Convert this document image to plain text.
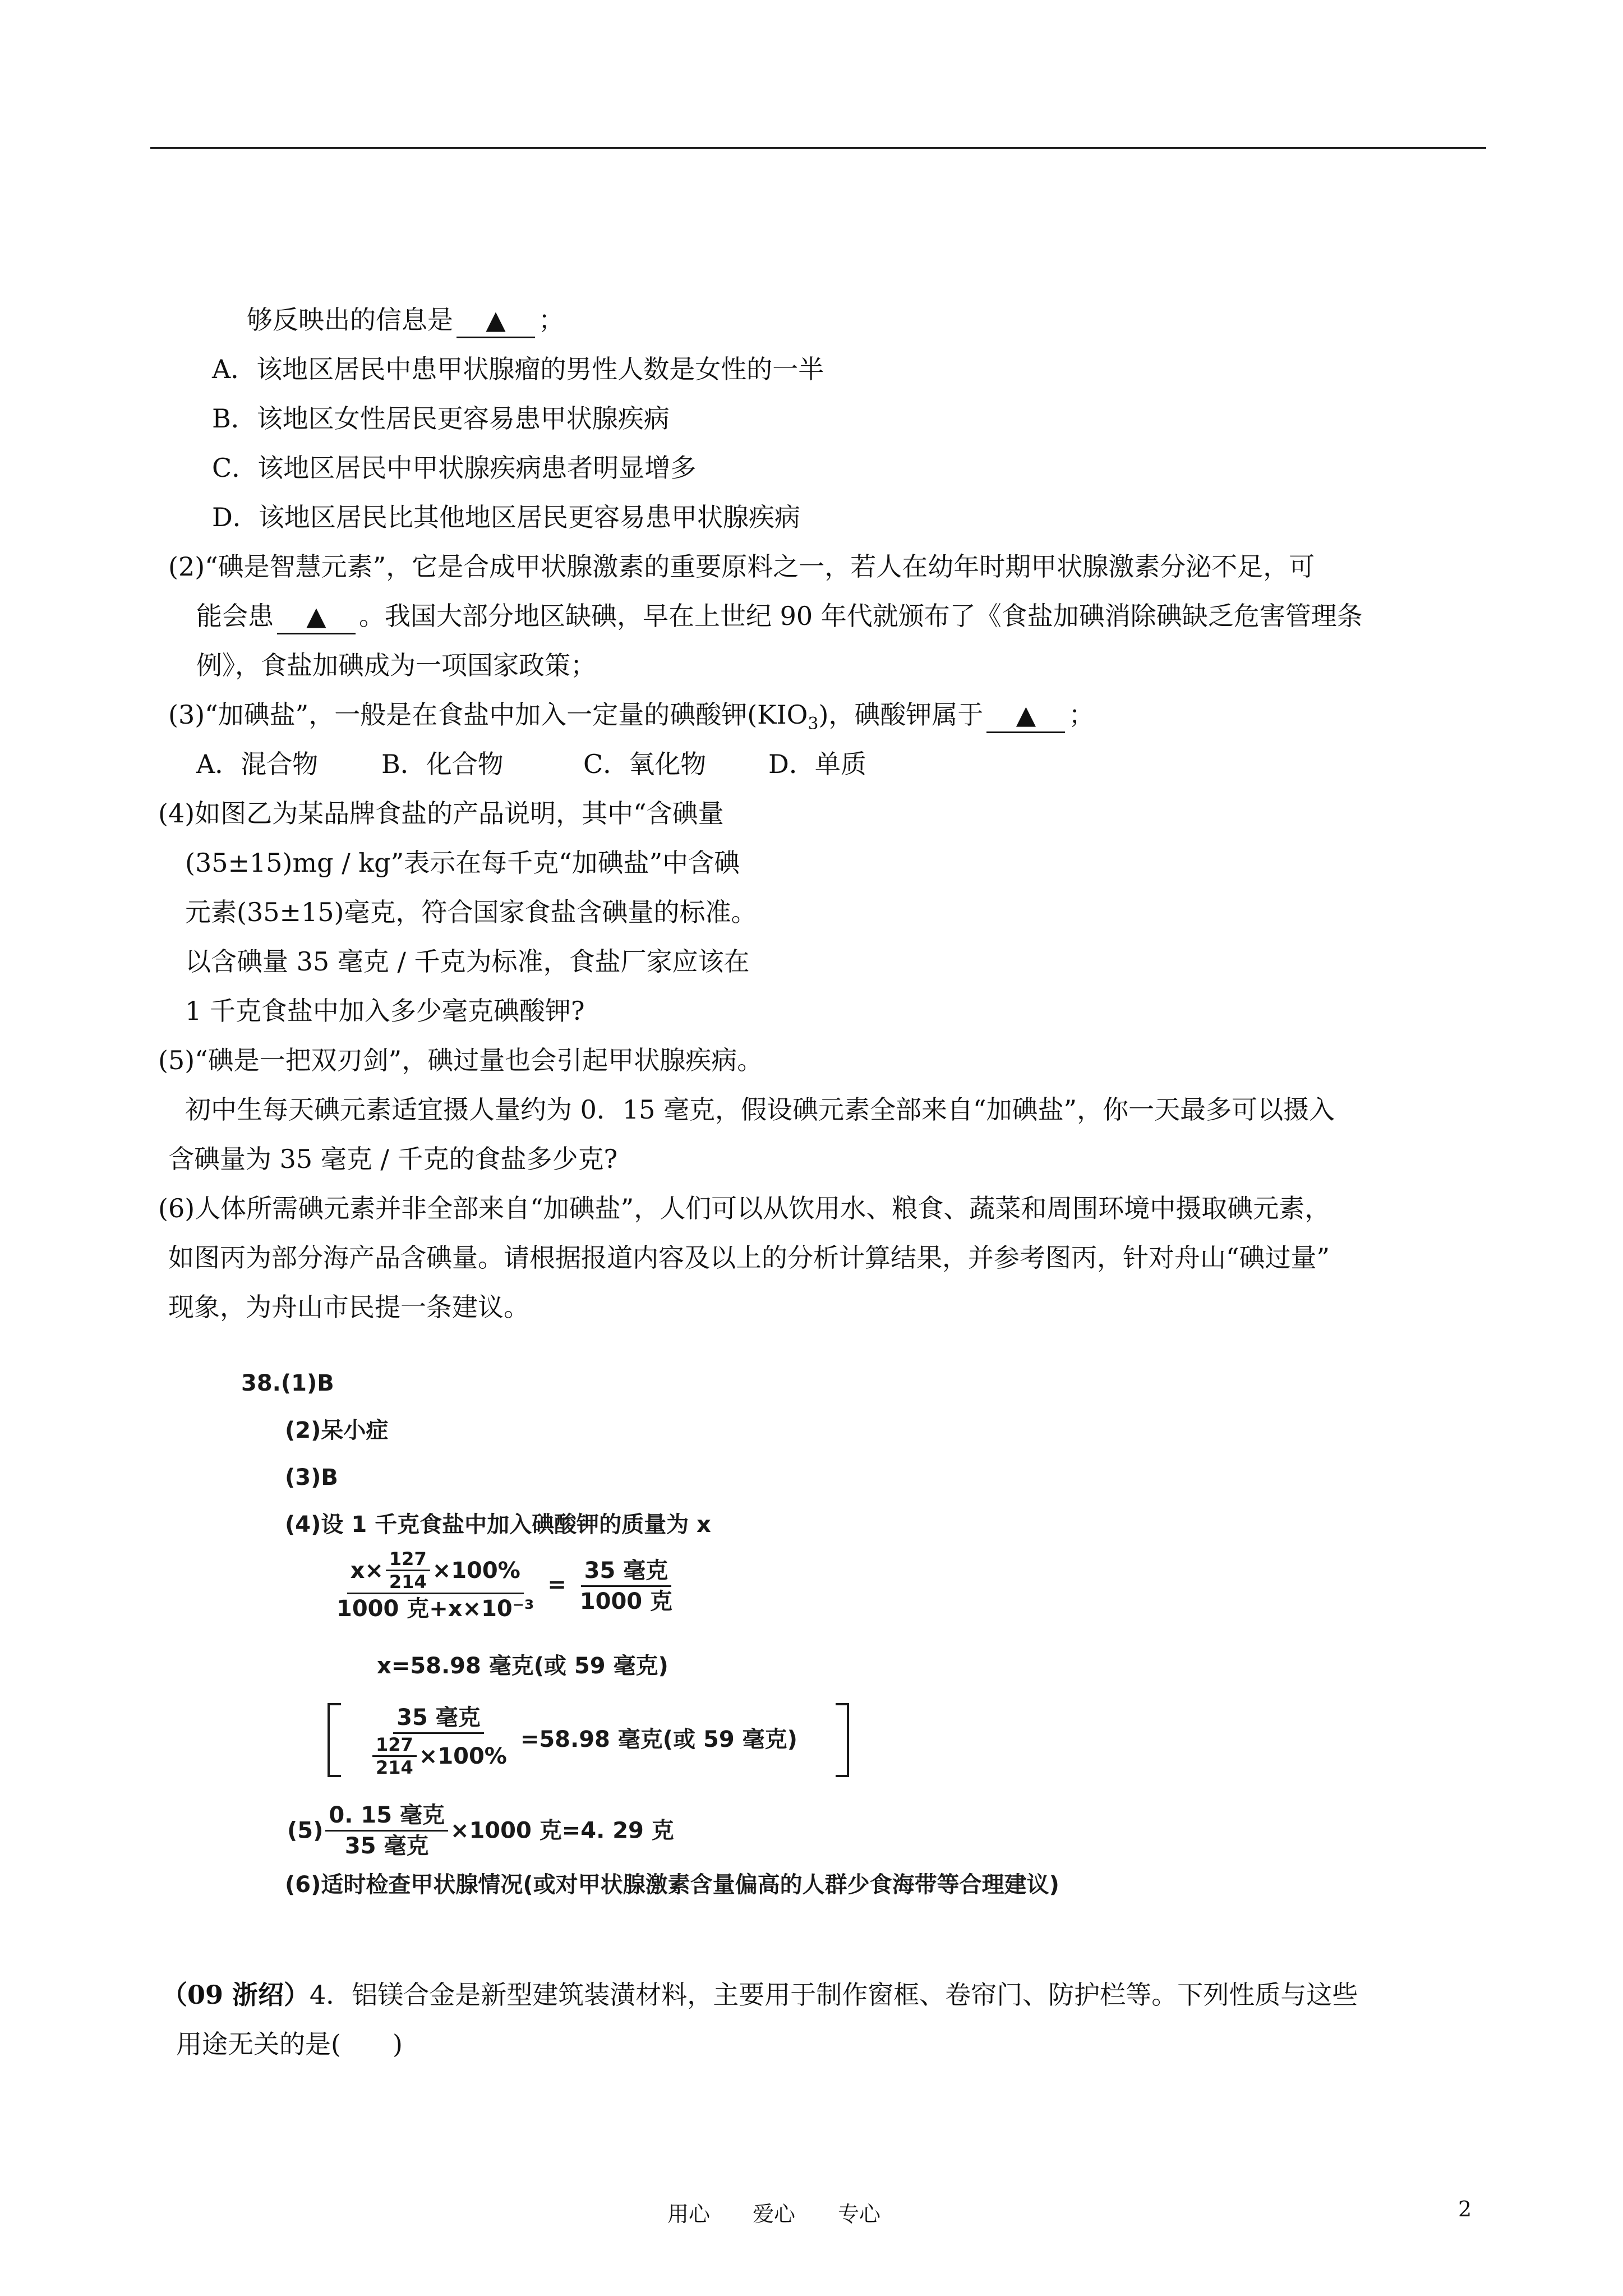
够反映出的信息是 ▲ ；
A．该地区居民中患甲状腺瘤的男性人数是女性的一半
B．该地区女性居民更容易患甲状腺疾病
C．该地区居民中甲状腺疾病患者明显增多
D．该地区居民比其他地区居民更容易患甲状腺疾病
(2)“碘是智慧元素”，它是合成甲状腺激素的重要原料之一，若人在幼年时期甲状腺激素分泌不足，可
能会患 ▲ 。我国大部分地区缺碘，早在上世纪 90 年代就颁布了《食盐加碘消除碘缺乏危害管理条
例》，食盐加碘成为一项国家政策；
(3)“加碘盐”，一般是在食盐中加入一定量的碘酸钾$(KIO_3)$，碘酸钾属于 ▲ ；
A．混合物 B．化合物	C．氧化物 D．单质
(4)如图乙为某品牌食盐的产品说明，其中“含碘量
(35±15)mg / kg”表示在每千克“加碘盐”中含碘
元素(35±15)毫克，符合国家食盐含碘量的标准。
以含碘量 35 毫克 / 千克为标准，食盐厂家应该在
1 千克食盐中加入多少毫克碘酸钾?
(5)“碘是一把双刃剑”，碘过量也会引起甲状腺疾病。
初中生每天碘元素适宜摄人量约为 0．15 毫克，假设碘元素全部来自“加碘盐”，你一天最多可以摄入
含碘量为 35 毫克 / 千克的食盐多少克?
(6)人体所需碘元素并非全部来自“加碘盐”，人们可以从饮用水、粮食、蔬菜和周围环境中摄取碘元素，
如图丙为部分海产品含碘量。请根据报道内容及以上的分析计算结果，并参考图丙，针对舟山“碘过量”
现象，为舟山市民提一条建议。
38.(1)B
(2)呆小症
(3)B
(4)设 1 千克食盐中加入碘酸钾的质量为 x
$x\times \frac{127}{214} \times 100\%$
1000 克+x×10⁻³
= $\frac{\text{35 毫克}}{\text{1000 克}}$
x=58.98 毫克(或 59 毫克)
$\frac{\text{35 毫克}}{\frac{127}{214} \times 100\%} =58.98$ 毫克(或 59 毫克)
$(5) \frac{\text{0. 15 毫克}}{\text{35 毫克}} \times 1000$ 克=4. 29 克
(6)适时检查甲状腺情况(或对甲状腺激素含量偏高的人群少食海带等合理建议)
（09 浙绍）4．铝镁合金是新型建筑装潢材料，主要用于制作窗框、卷帘门、防护栏等。下列性质与这些
用途无关的是(　　)
用心　　爱心　　专心	2
